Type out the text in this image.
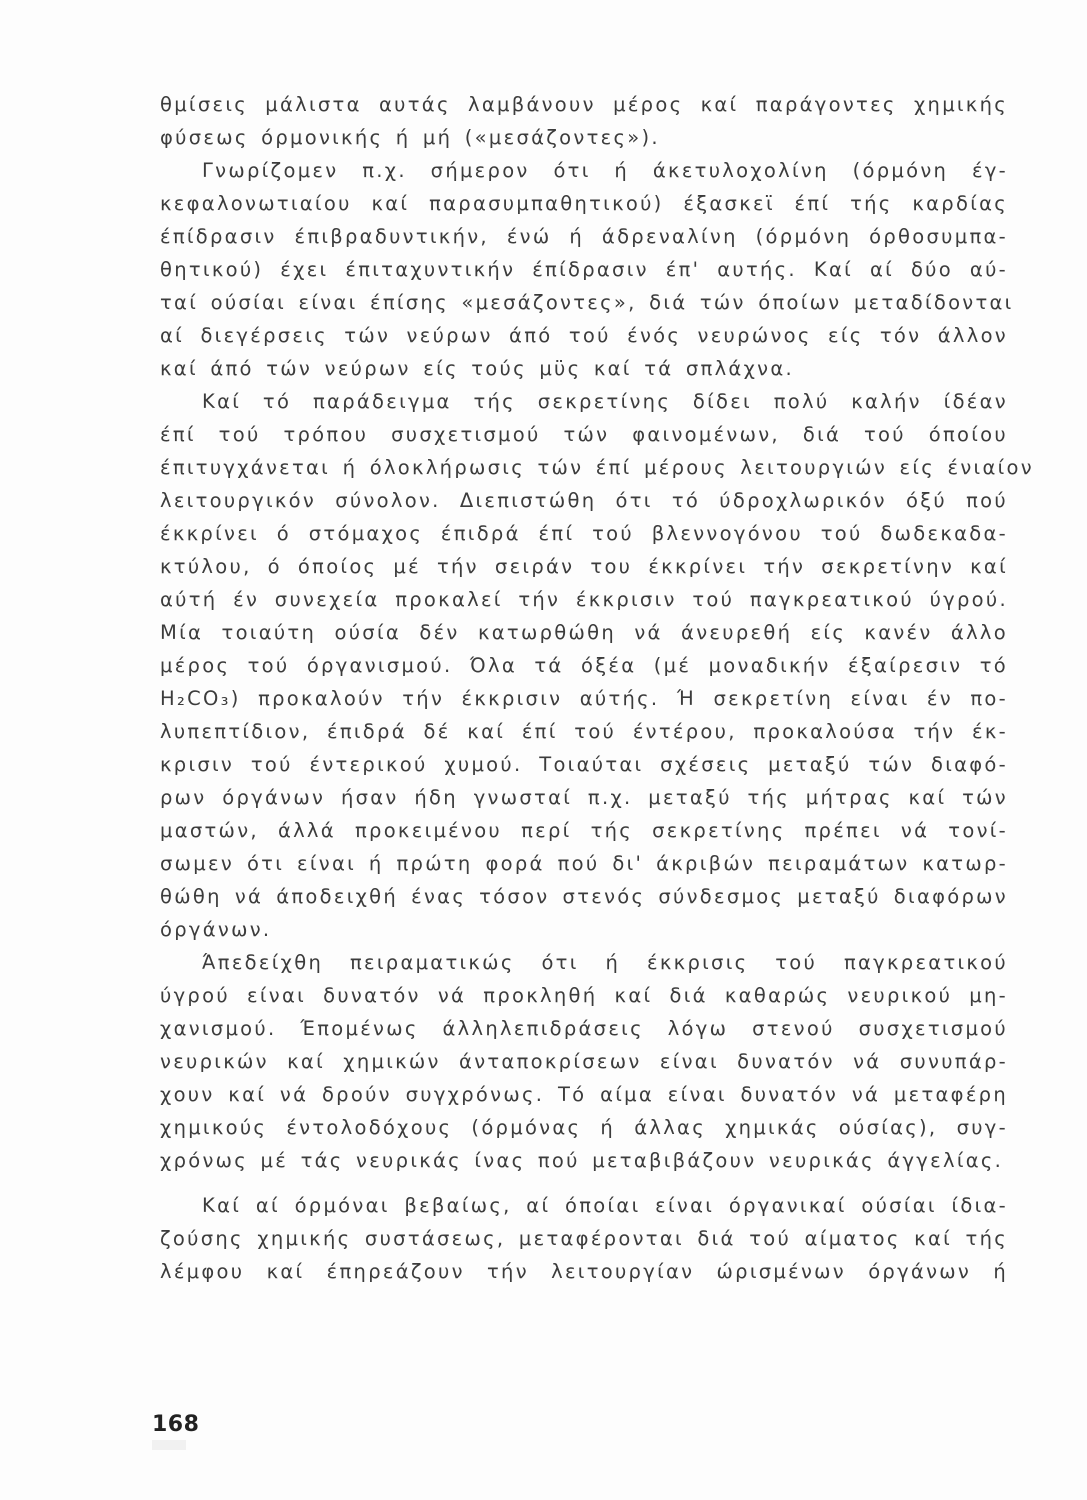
θμίσεις μάλιστα αυτάς λαμβάνουν μέρος καί παράγοντες χημικής
φύσεως όρμονικής ή μή («μεσάζοντες»).
Γνωρίζομεν π.χ. σήμερον ότι ή άκετυλοχολίνη (όρμόνη έγ-
κεφαλονωτιαίου καί παρασυμπαθητικού) έξασκεϊ έπί τής καρδίας
έπίδρασιν έπιβραδυντικήν, ένώ ή άδρεναλίνη (όρμόνη όρθοσυμπα-
θητικού) έχει έπιταχυντικήν έπίδρασιν έπ' αυτής. Καί αί δύο αύ-
ταί ούσίαι είναι έπίσης «μεσάζοντες», διά τών όποίων μεταδίδονται
αί διεγέρσεις τών νεύρων άπό τού ένός νευρώνος είς τόν άλλον
καί άπό τών νεύρων είς τούς μϋς καί τά σπλάχνα.
Καί τό παράδειγμα τής σεκρετίνης δίδει πολύ καλήν ίδέαν
έπί τού τρόπου συσχετισμού τών φαινομένων, διά τού όποίου
έπιτυγχάνεται ή όλοκλήρωσις τών έπί μέρους λειτουργιών είς ένιαίον
λειτουργικόν σύνολον. Διεπιστώθη ότι τό ύδροχλωρικόν όξύ πού
έκκρίνει ό στόμαχος έπιδρά έπί τού βλεννογόνου τού δωδεκαδα-
κτύλου, ό όποίος μέ τήν σειράν του έκκρίνει τήν σεκρετίνην καί
αύτή έν συνεχεία προκαλεί τήν έκκρισιν τού παγκρεατικού ύγρού.
Μία τοιαύτη ούσία δέν κατωρθώθη νά άνευρεθή είς κανέν άλλο
μέρος τού όργανισμού. Όλα τά όξέα (μέ μοναδικήν έξαίρεσιν τό
H₂CO₃) προκαλούν τήν έκκρισιν αύτής. Ή σεκρετίνη είναι έν πο-
λυπεπτίδιον, έπιδρά δέ καί έπί τού έντέρου, προκαλούσα τήν έκ-
κρισιν τού έντερικού χυμού. Τοιαύται σχέσεις μεταξύ τών διαφό-
ρων όργάνων ήσαν ήδη γνωσταί π.χ. μεταξύ τής μήτρας καί τών
μαστών, άλλά προκειμένου περί τής σεκρετίνης πρέπει νά τονί-
σωμεν ότι είναι ή πρώτη φορά πού δι' άκριβών πειραμάτων κατωρ-
θώθη νά άποδειχθή ένας τόσον στενός σύνδεσμος μεταξύ διαφόρων
όργάνων.
Άπεδείχθη πειραματικώς ότι ή έκκρισις τού παγκρεατικού
ύγρού είναι δυνατόν νά προκληθή καί διά καθαρώς νευρικού μη-
χανισμού. Έπομένως άλληλεπιδράσεις λόγω στενού συσχετισμού
νευρικών καί χημικών άνταποκρίσεων είναι δυνατόν νά συνυπάρ-
χουν καί νά δρούν συγχρόνως. Τό αίμα είναι δυνατόν νά μεταφέρη
χημικούς έντολοδόχους (όρμόνας ή άλλας χημικάς ούσίας), συγ-
χρόνως μέ τάς νευρικάς ίνας πού μεταβιβάζουν νευρικάς άγγελίας.
Καί αί όρμόναι βεβαίως, αί όποίαι είναι όργανικαί ούσίαι ίδια-
ζούσης χημικής συστάσεως, μεταφέρονται διά τού αίματος καί τής
λέμφου καί έπηρεάζουν τήν λειτουργίαν ώρισμένων όργάνων ή
168
